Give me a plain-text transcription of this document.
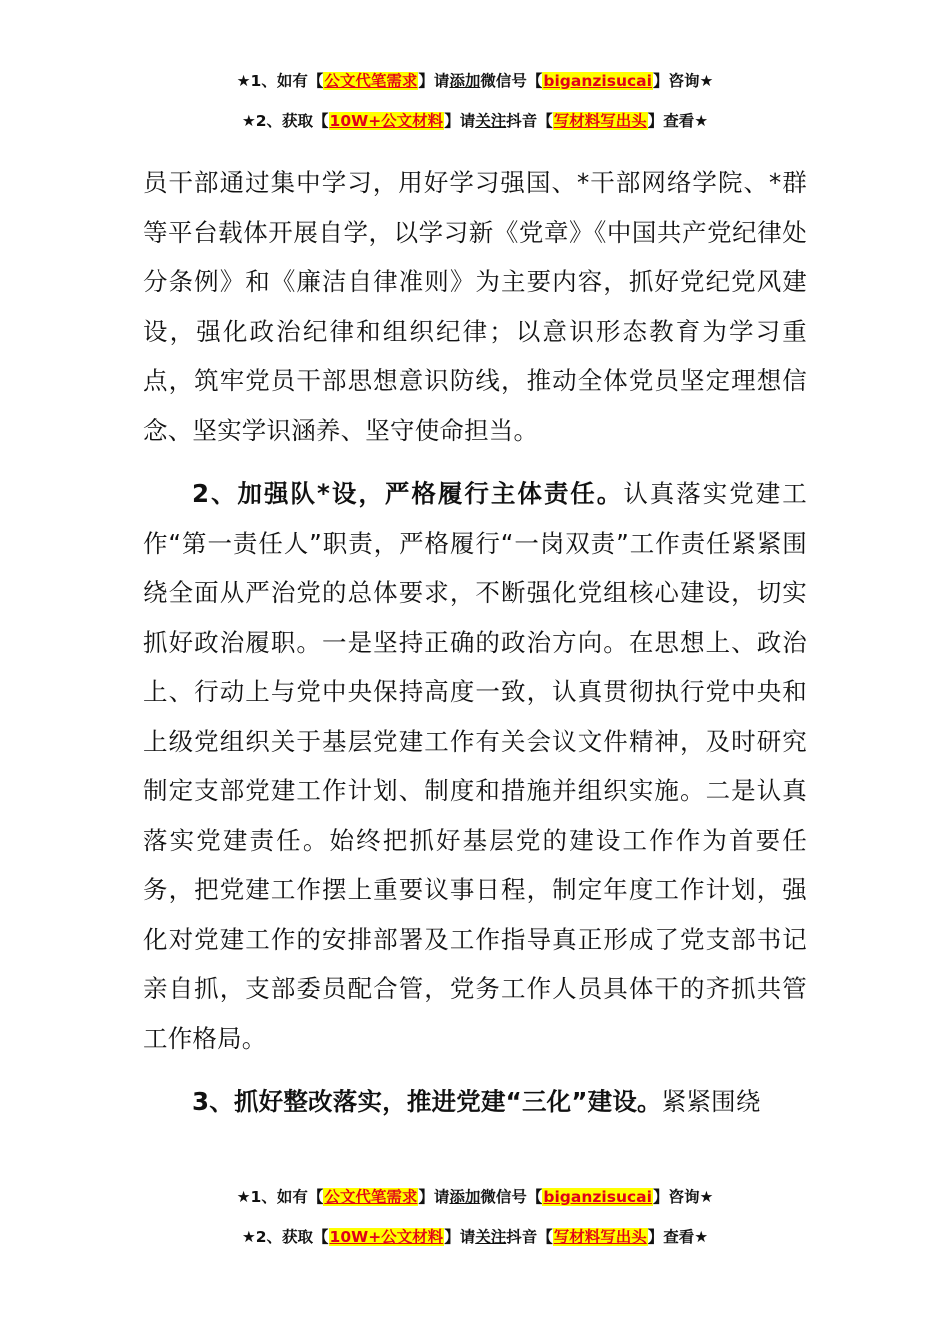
★1、如有【公文代笔需求】请添加微信号【biganzisucai】咨询★
★2、获取【10W+公文材料】请关注抖音【写材料写出头】查看★

员干部通过集中学习，用好学习强国、*干部网络学院、*群等平台载体开展自学，以学习新《党章》《中国共产党纪律处分条例》和《廉洁自律准则》为主要内容，抓好党纪党风建设，强化政治纪律和组织纪律；以意识形态教育为学习重点，筑牢党员干部思想意识防线，推动全体党员坚定理想信念、坚实学识涵养、坚守使命担当。

2、加强队*设，严格履行主体责任。认真落实党建工作“第一责任人”职责，严格履行“一岗双责”工作责任紧紧围绕全面从严治党的总体要求，不断强化党组核心建设，切实抓好政治履职。一是坚持正确的政治方向。在思想上、政治上、行动上与党中央保持高度一致，认真贯彻执行党中央和上级党组织关于基层党建工作有关会议文件精神，及时研究制定支部党建工作计划、制度和措施并组织实施。二是认真落实党建责任。始终把抓好基层党的建设工作作为首要任务，把党建工作摆上重要议事日程，制定年度工作计划，强化对党建工作的安排部署及工作指导真正形成了党支部书记亲自抓，支部委员配合管，党务工作人员具体干的齐抓共管工作格局。

3、抓好整改落实，推进党建“三化”建设。紧紧围绕

★1、如有【公文代笔需求】请添加微信号【biganzisucai】咨询★
★2、获取【10W+公文材料】请关注抖音【写材料写出头】查看★
